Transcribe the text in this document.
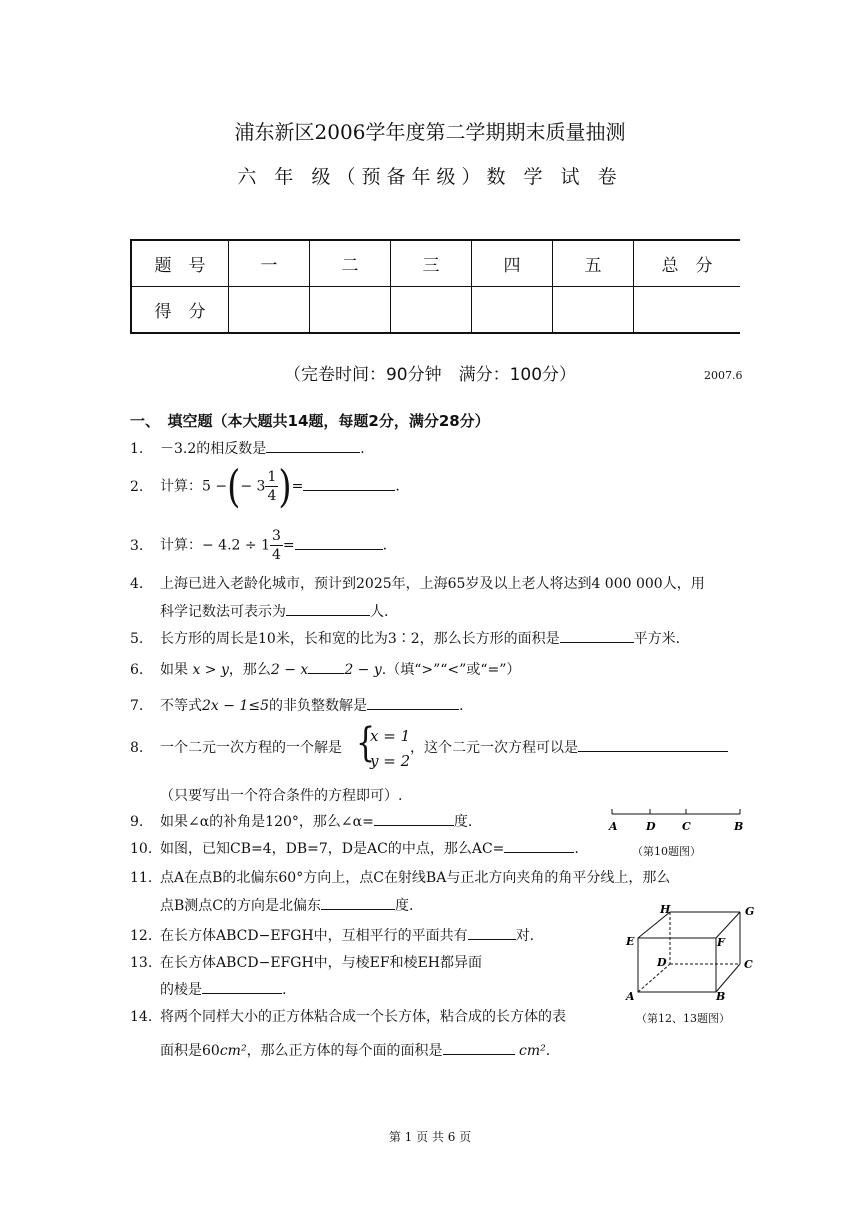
浦东新区2006学年度第二学期期末质量抽测
六 年 级（预备年级）数 学 试 卷
题　号	一	二	三	四	五	总　分
得　分						
（完卷时间：90分钟　满分：100分）	2007.6
一、　填空题（本大题共14题，每题2分，满分28分）
1. －3.2的相反数是	.
2. 计算：5 −(− $3 \frac{1}{4}$ )=	.
3. 计算：− $4.2 \div 1 \frac{3}{4}$ =	.
4. 上海已进入老龄化城市，预计到2025年，上海65岁及以上老人将达到4 000 000人，用
科学记数法可表示为	人.
5. 长方形的周长是10米，长和宽的比为3∶2，那么长方形的面积是	平方米.
6. 如果 x > y，那么2 − x	2 − y.（填“>”“<”或“=”）
7. 不等式2x − 1≤5的非负整数解是	.
8. 一个二元一次方程的一个解是 {
x = 1
y = 2
，这个二元一次方程可以是
（只要写出一个符合条件的方程即可）.
9. 如果∠α的补角是120°，那么∠α=	度.
10. 如图，已知CB=4，DB=7，D是AC的中点，那么AC=	.
A	D C	B
（第10题图）
11. 点A在点B的北偏东60°方向上，点C在射线BA与正北方向夹角的角平分线上，那么
点B测点C的方向是北偏东	度.
12. 在长方体ABCD−EFGH中，互相平行的平面共有	对.
13. 在长方体ABCD−EFGH中，与棱EF和棱EH都异面
的棱是	.
H	G
E	F
D	C
A	B
（第12、13题图）
14. 将两个同样大小的正方体粘合成一个长方体，粘合成的长方体的表
面积是60cm²，那么正方体的每个面的面积是	cm².
第 1 页 共 6 页
